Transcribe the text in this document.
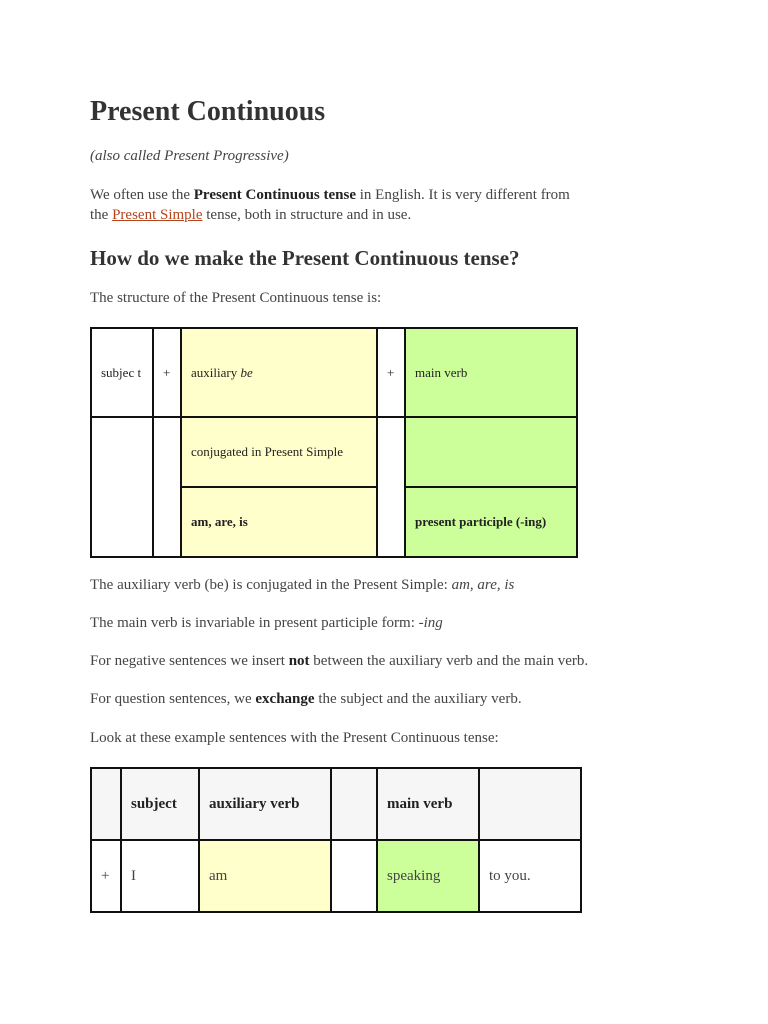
Present Continuous

(also called Present Progressive)

We often use the Present Continuous tense in English. It is very different from
the Present Simple tense, both in structure and in use.

How do we make the Present Continuous tense?

The structure of the Present Continuous tense is:

subjec t	+	auxiliary be	+	main verb
		conjugated in Present Simple		
		am, are, is		present participle (-ing)

The auxiliary verb (be) is conjugated in the Present Simple: am, are, is

The main verb is invariable in present participle form: -ing

For negative sentences we insert not between the auxiliary verb and the main verb.

For question sentences, we exchange the subject and the auxiliary verb.

Look at these example sentences with the Present Continuous tense:

	subject	auxiliary verb		main verb	
+	I	am		speaking	to you.
